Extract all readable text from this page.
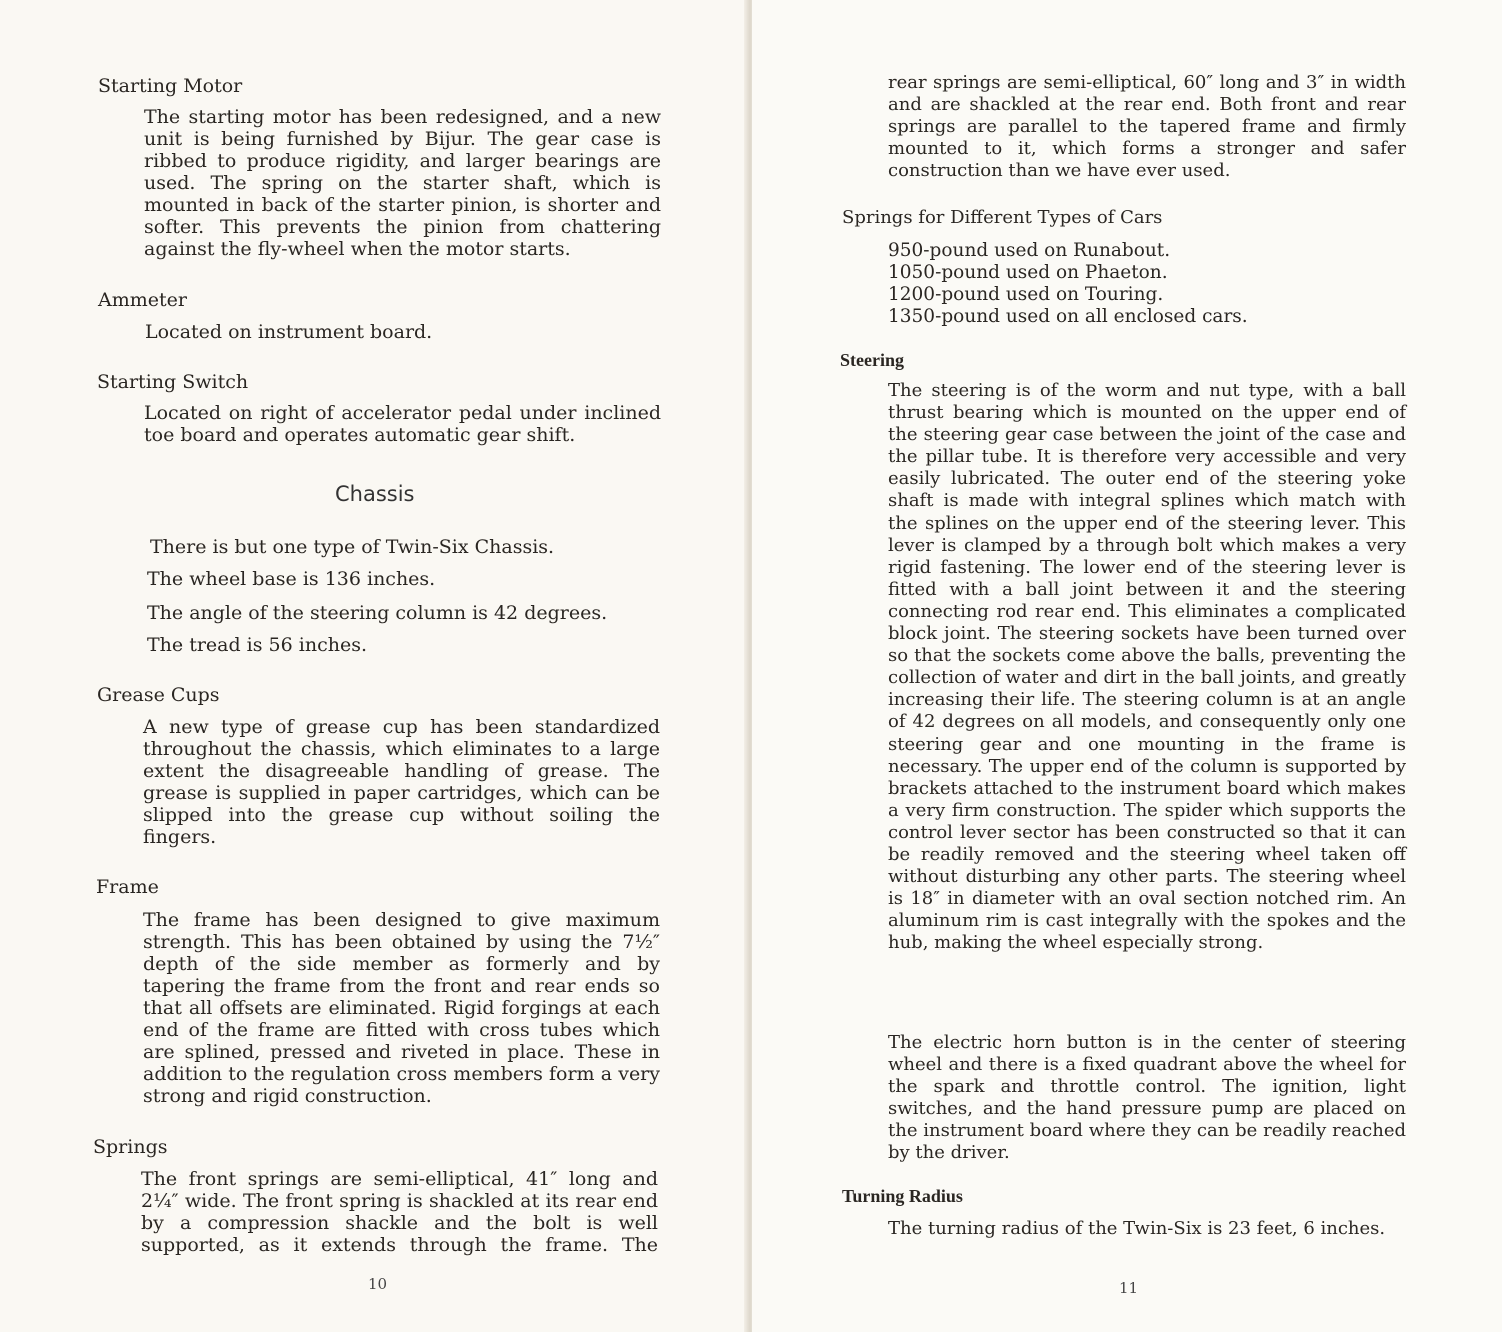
Starting Motor

The starting motor has been redesigned, and a new unit is being furnished by Bijur. The gear case is ribbed to produce rigidity, and larger bearings are used. The spring on the starter shaft, which is mounted in back of the starter pinion, is shorter and softer. This prevents the pinion from chattering against the fly-wheel when the motor starts.

Ammeter

Located on instrument board.

Starting Switch

Located on right of accelerator pedal under inclined toe board and operates automatic gear shift.

Chassis

There is but one type of Twin-Six Chassis.

The wheel base is 136 inches.

The angle of the steering column is 42 degrees.

The tread is 56 inches.

Grease Cups

A new type of grease cup has been standardized throughout the chassis, which eliminates to a large extent the disagreeable handling of grease. The grease is supplied in paper cartridges, which can be slipped into the grease cup without soiling the fingers.

Frame

The frame has been designed to give maximum strength. This has been obtained by using the 7½″ depth of the side member as formerly and by tapering the frame from the front and rear ends so that all offsets are eliminated. Rigid forgings at each end of the frame are fitted with cross tubes which are splined, pressed and riveted in place. These in addition to the regulation cross members form a very strong and rigid construction.

Springs

The front springs are semi-elliptical, 41″ long and 2¼″ wide. The front spring is shackled at its rear end by a compression shackle and the bolt is well supported, as it extends through the frame. The

10

rear springs are semi-elliptical, 60″ long and 3″ in width and are shackled at the rear end. Both front and rear springs are parallel to the tapered frame and firmly mounted to it, which forms a stronger and safer construction than we have ever used.

Springs for Different Types of Cars

950-pound used on Runabout.

1050-pound used on Phaeton.

1200-pound used on Touring.

1350-pound used on all enclosed cars.

Steering

The steering is of the worm and nut type, with a ball thrust bearing which is mounted on the upper end of the steering gear case between the joint of the case and the pillar tube. It is therefore very accessible and very easily lubricated. The outer end of the steering yoke shaft is made with integral splines which match with the splines on the upper end of the steering lever. This lever is clamped by a through bolt which makes a very rigid fastening. The lower end of the steering lever is fitted with a ball joint between it and the steering connecting rod rear end. This eliminates a complicated block joint. The steering sockets have been turned over so that the sockets come above the balls, preventing the collection of water and dirt in the ball joints, and greatly increasing their life. The steering column is at an angle of 42 degrees on all models, and consequently only one steering gear and one mounting in the frame is necessary. The upper end of the column is supported by brackets attached to the instrument board which makes a very firm construction. The spider which supports the control lever sector has been constructed so that it can be readily removed and the steering wheel taken off without disturbing any other parts. The steering wheel is 18″ in diameter with an oval section notched rim. An aluminum rim is cast integrally with the spokes and the hub, making the wheel especially strong.

The electric horn button is in the center of steering wheel and there is a fixed quadrant above the wheel for the spark and throttle control. The ignition, light switches, and the hand pressure pump are placed on the instrument board where they can be readily reached by the driver.

Turning Radius

The turning radius of the Twin-Six is 23 feet, 6 inches.

11
